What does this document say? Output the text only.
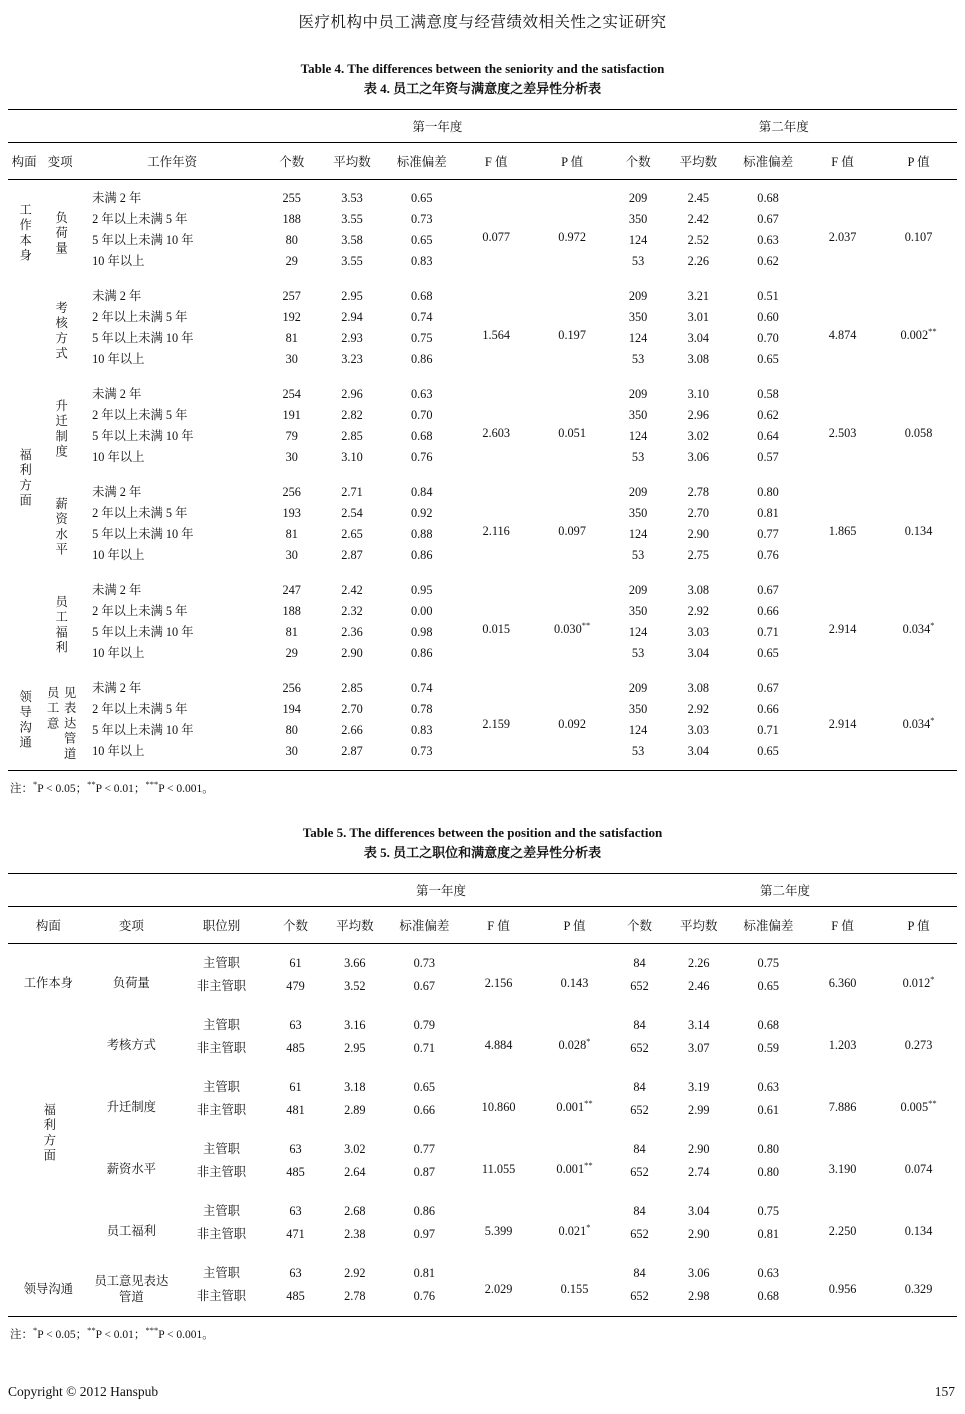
医疗机构中员工满意度与经营绩效相关性之实证研究
Table 4. The differences between the seniority and the satisfaction
表 4. 员工之年资与满意度之差异性分析表
			第一年度					第二年度				
构面	变项	工作年资	个数	平均数	标准偏差	F 值	P 值	个数	平均数	标准偏差	F 值	P 值
工作本身	负荷量	未满 2 年	255	3.53	0.65	0.077	0.972	209	2.45	0.68	2.037	0.107
		2 年以上未满 5 年	188	3.55	0.73			350	2.42	0.67		
		5 年以上未满 10 年	80	3.58	0.65			124	2.52	0.63		
		10 年以上	29	3.55	0.83			53	2.26	0.62		
	考核方式	未满 2 年	257	2.95	0.68	1.564	0.197	209	3.21	0.51	4.874	0.002**
		2 年以上未满 5 年	192	2.94	0.74			350	3.01	0.60		
		5 年以上未满 10 年	81	2.93	0.75			124	3.04	0.70		
		10 年以上	30	3.23	0.86			53	3.08	0.65		
福利方面	升迁制度	未满 2 年	254	2.96	0.63	2.603	0.051	209	3.10	0.58	2.503	0.058
		2 年以上未满 5 年	191	2.82	0.70			350	2.96	0.62		
		5 年以上未满 10 年	79	2.85	0.68			124	3.02	0.64		
		10 年以上	30	3.10	0.76			53	3.06	0.57		
	薪资水平	未满 2 年	256	2.71	0.84	2.116	0.097	209	2.78	0.80	1.865	0.134
		2 年以上未满 5 年	193	2.54	0.92			350	2.70	0.81		
		5 年以上未满 10 年	81	2.65	0.88			124	2.90	0.77		
		10 年以上	30	2.87	0.86			53	2.75	0.76		
	员工福利	未满 2 年	247	2.42	0.95	0.015	0.030**	209	3.08	0.67	2.914	0.034*
		2 年以上未满 5 年	188	2.32	0.00			350	2.92	0.66		
		5 年以上未满 10 年	81	2.36	0.98			124	3.03	0.71		
		10 年以上	29	2.90	0.86			53	3.04	0.65		
领导沟通	员工意 见表达管道	未满 2 年	256	2.85	0.74	2.159	0.092	209	3.08	0.67	2.914	0.034*
		2 年以上未满 5 年	194	2.70	0.78			350	2.92	0.66		
		5 年以上未满 10 年	80	2.66	0.83			124	3.03	0.71		
		10 年以上	30	2.87	0.73			53	3.04	0.65		
注：*P < 0.05；**P < 0.01；***P < 0.001。
Table 5. The differences between the position and the satisfaction
表 5. 员工之职位和满意度之差异性分析表
			第一年度					第二年度				
构面	变项	职位别	个数	平均数	标准偏差	F 值	P 值	个数	平均数	标准偏差	F 值	P 值
工作本身	负荷量	主管职	61	3.66	0.73	2.156	0.143	84	2.26	0.75	6.360	0.012*
		非主管职	479	3.52	0.67			652	2.46	0.65		
	考核方式	主管职	63	3.16	0.79	4.884	0.028*	84	3.14	0.68	1.203	0.273
		非主管职	485	2.95	0.71			652	3.07	0.59		
福利方面	升迁制度	主管职	61	3.18	0.65	10.860	0.001**	84	3.19	0.63	7.886	0.005**
		非主管职	481	2.89	0.66			652	2.99	0.61		
	薪资水平	主管职	63	3.02	0.77	11.055	0.001**	84	2.90	0.80	3.190	0.074
		非主管职	485	2.64	0.87			652	2.74	0.80		
	员工福利	主管职	63	2.68	0.86	5.399	0.021*	84	3.04	0.75	2.250	0.134
		非主管职	471	2.38	0.97			652	2.90	0.81		
领导沟通	员工意见表达
管道	主管职	63	2.92	0.81	2.029	0.155	84	3.06	0.63	0.956	0.329
		非主管职	485	2.78	0.76			652	2.98	0.68		
注：*P < 0.05；**P < 0.01；***P < 0.001。
Copyright © 2012 Hanspub	157
